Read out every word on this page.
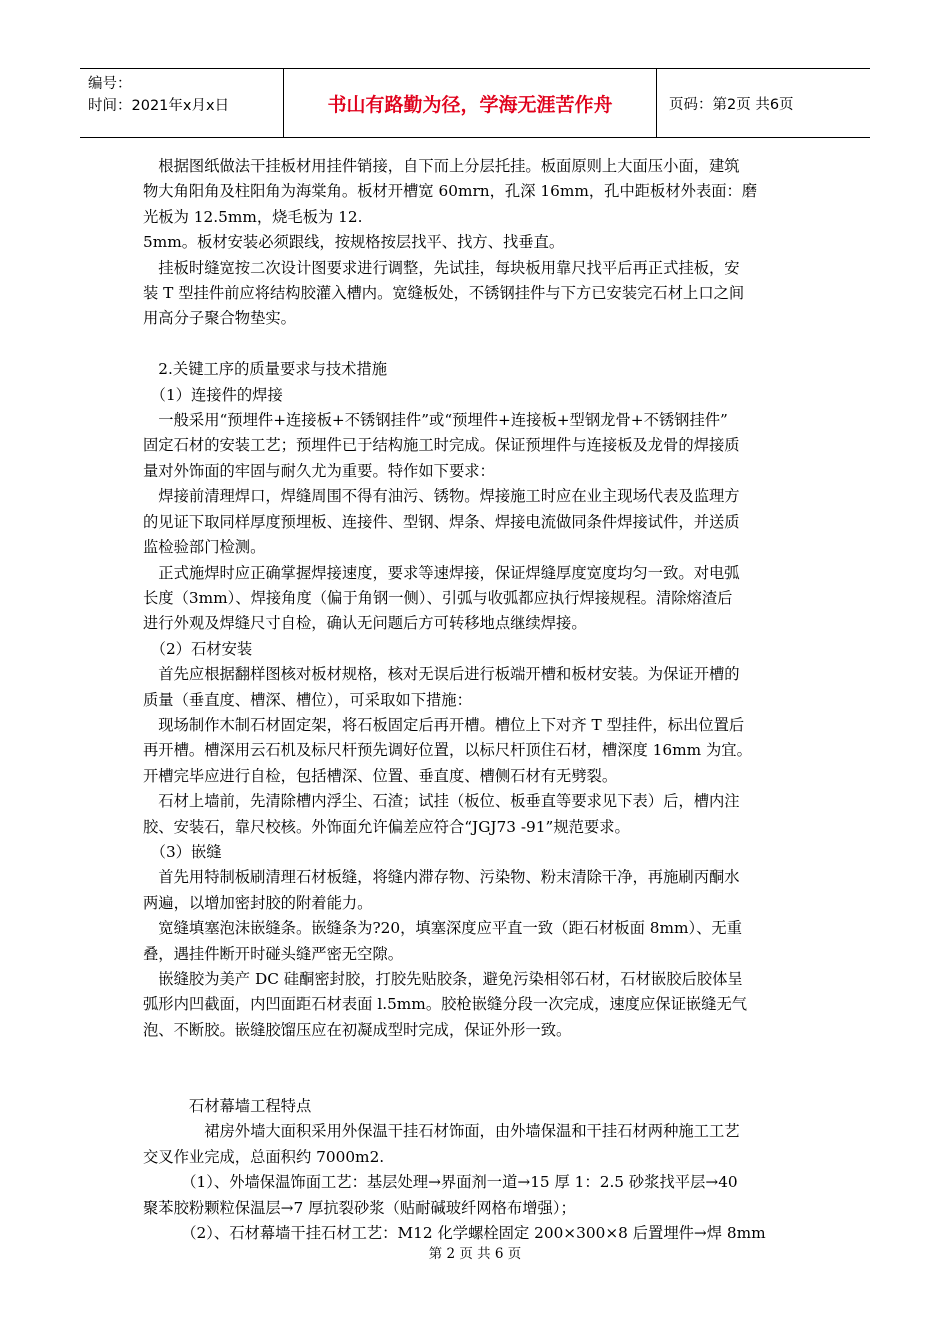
编号：
时间：2021年x月x日	书山有路勤为径，学海无涯苦作舟	页码：第2页 共6页

　根据图纸做法干挂板材用挂件销接，自下而上分层托挂。板面原则上大面压小面，建筑

物大角阳角及柱阳角为海棠角。板材开槽宽 60mrn，孔深 16mm，孔中距板材外表面：磨

光板为 12.5mm，烧毛板为 12.

5mm。板材安装必须跟线，按规格按层找平、找方、找垂直。

　挂板时缝宽按二次设计图要求进行调整，先试挂，每块板用靠尺找平后再正式挂板，安

装 T 型挂件前应将结构胶灌入槽内。宽缝板处，不锈钢挂件与下方已安装完石材上口之间

用高分子聚合物垫实。

　2.关键工序的质量要求与技术措施

　（1）连接件的焊接

　一般采用“预埋件+连接板+不锈钢挂件”或“预埋件+连接板+型钢龙骨+不锈钢挂件”

固定石材的安装工艺；预埋件已于结构施工时完成。保证预埋件与连接板及龙骨的焊接质

量对外饰面的牢固与耐久尤为重要。特作如下要求：

　焊接前清理焊口，焊缝周围不得有油污、锈物。焊接施工时应在业主现场代表及监理方

的见证下取同样厚度预埋板、连接件、型钢、焊条、焊接电流做同条件焊接试件，并送质

监检验部门检测。

　正式施焊时应正确掌握焊接速度，要求等速焊接，保证焊缝厚度宽度均匀一致。对电弧

长度（3mm）、焊接角度（偏于角钢一侧）、引弧与收弧都应执行焊接规程。清除熔渣后

进行外观及焊缝尺寸自检，确认无问题后方可转移地点继续焊接。

　（2）石材安装

　首先应根据翻样图核对板材规格，核对无误后进行板端开槽和板材安装。为保证开槽的

质量（垂直度、槽深、槽位），可采取如下措施：

　现场制作木制石材固定架，将石板固定后再开槽。槽位上下对齐 T 型挂件，标出位置后

再开槽。槽深用云石机及标尺杆预先调好位置，以标尺杆顶住石材，槽深度 16mm 为宜。

开槽完毕应进行自检，包括槽深、位置、垂直度、槽侧石材有无劈裂。

　石材上墙前，先清除槽内浮尘、石渣；试挂（板位、板垂直等要求见下表）后，槽内注

胶、安装石，靠尺校核。外饰面允许偏差应符合“JGJ73 -91”规范要求。

　（3）嵌缝

　首先用特制板刷清理石材板缝，将缝内滞存物、污染物、粉末清除干净，再施刷丙酮水

两遍，以增加密封胶的附着能力。

　宽缝填塞泡沫嵌缝条。嵌缝条为?20，填塞深度应平直一致（距石材板面 8mm）、无重

叠，遇挂件断开时碰头缝严密无空隙。

　嵌缝胶为美产 DC 硅酮密封胶，打胶先贴胶条，避免污染相邻石材，石材嵌胶后胶体呈

弧形内凹截面，内凹面距石材表面 l.5mm。胶枪嵌缝分段一次完成，速度应保证嵌缝无气

泡、不断胶。嵌缝胶馏压应在初凝成型时完成，保证外形一致。

　　　石材幕墙工程特点

　　　　裙房外墙大面积采用外保温干挂石材饰面，由外墙保温和干挂石材两种施工工艺

交叉作业完成，总面积约 7000m2.

　　　（1）、外墙保温饰面工艺：基层处理→界面剂一道→15 厚 1：2.5 砂浆找平层→40

聚苯胶粉颗粒保温层→7 厚抗裂砂浆（贴耐碱玻纤网格布增强）；

　　　（2）、石材幕墙干挂石材工艺：M12 化学螺栓固定 200×300×8 后置埋件→焊 8mm

第 2 页 共 6 页
